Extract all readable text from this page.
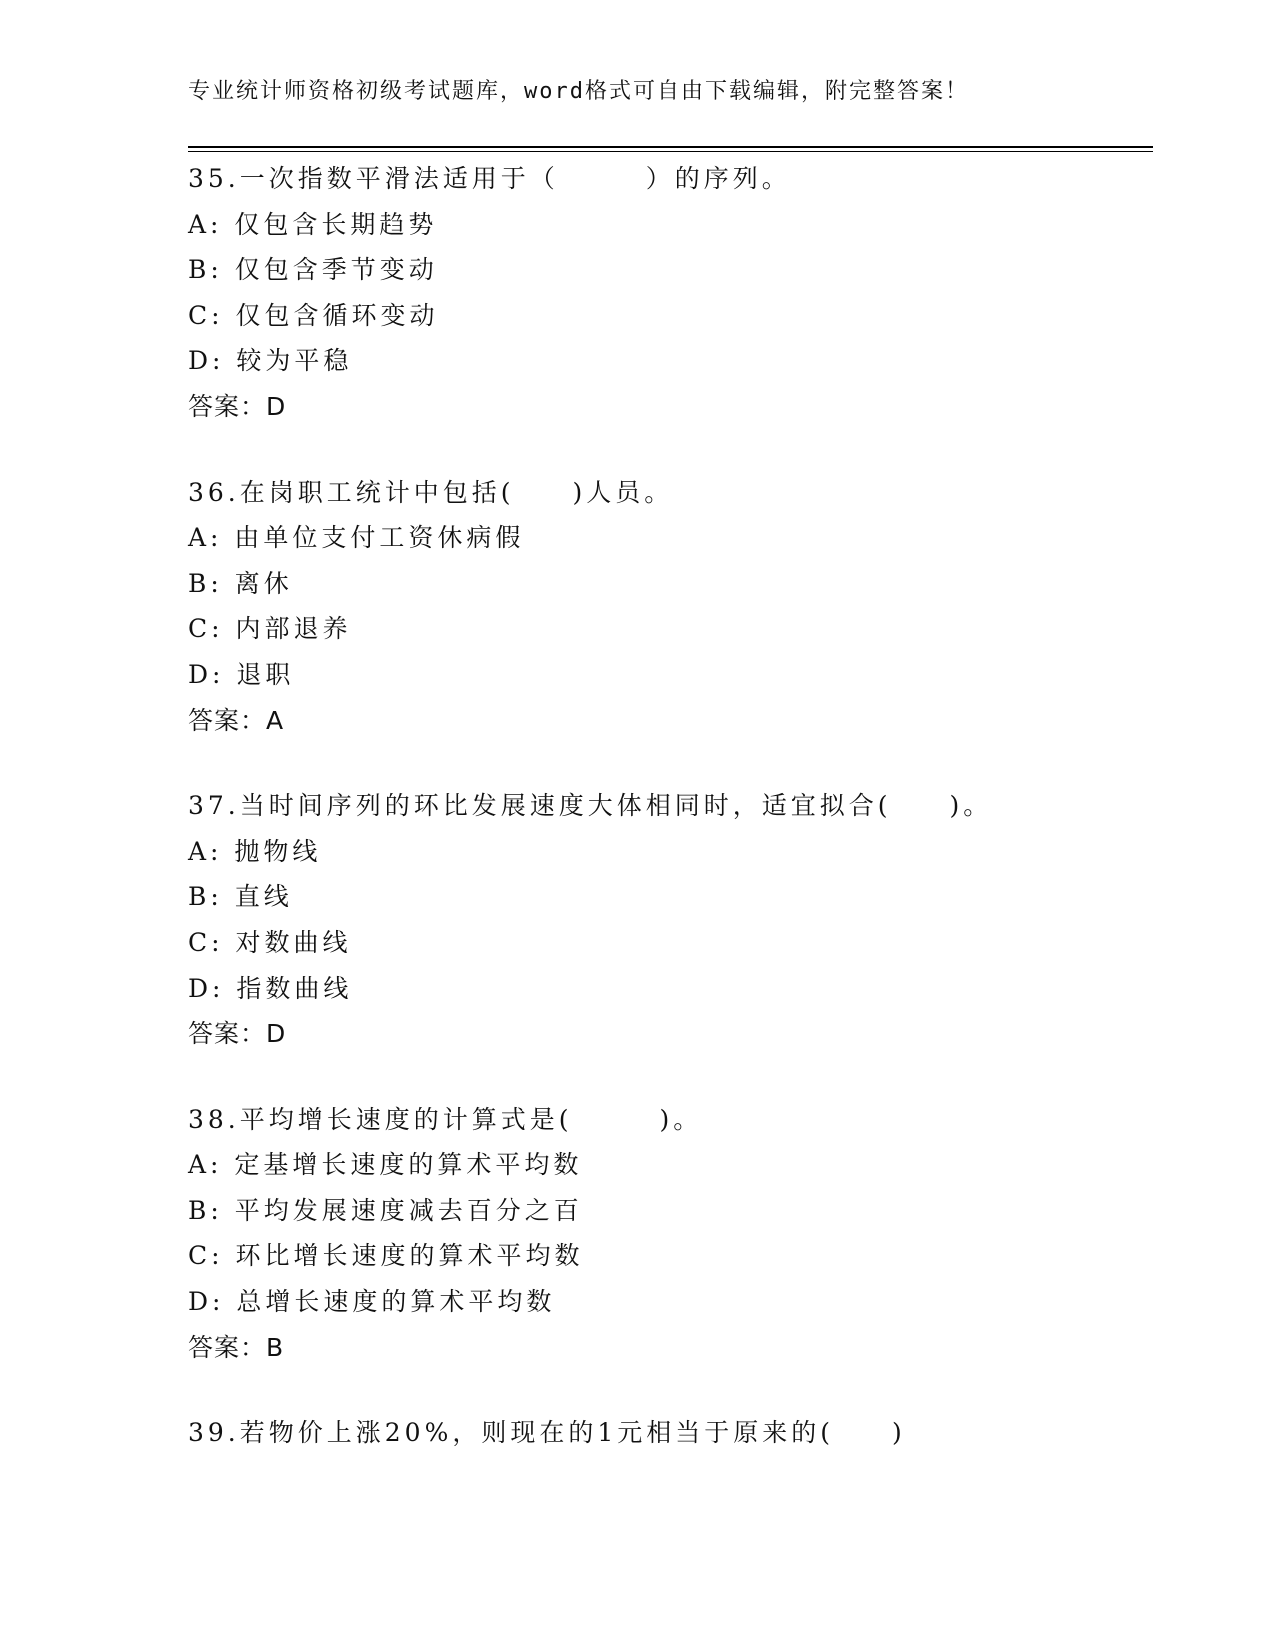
专业统计师资格初级考试题库，word格式可自由下载编辑，附完整答案！
35.一次指数平滑法适用于（　　　）的序列。
A: 仅包含长期趋势
B: 仅包含季节变动
C: 仅包含循环变动
D: 较为平稳
答案：D
36.在岗职工统计中包括(　　)人员。
A: 由单位支付工资休病假
B: 离休
C: 内部退养
D: 退职
答案：A
37.当时间序列的环比发展速度大体相同时，适宜拟合(　　)。
A: 抛物线
B: 直线
C: 对数曲线
D: 指数曲线
答案：D
38.平均增长速度的计算式是(　　　)。
A: 定基增长速度的算术平均数
B: 平均发展速度减去百分之百
C: 环比增长速度的算术平均数
D: 总增长速度的算术平均数
答案：B
39.若物价上涨20%，则现在的1元相当于原来的(　　)
